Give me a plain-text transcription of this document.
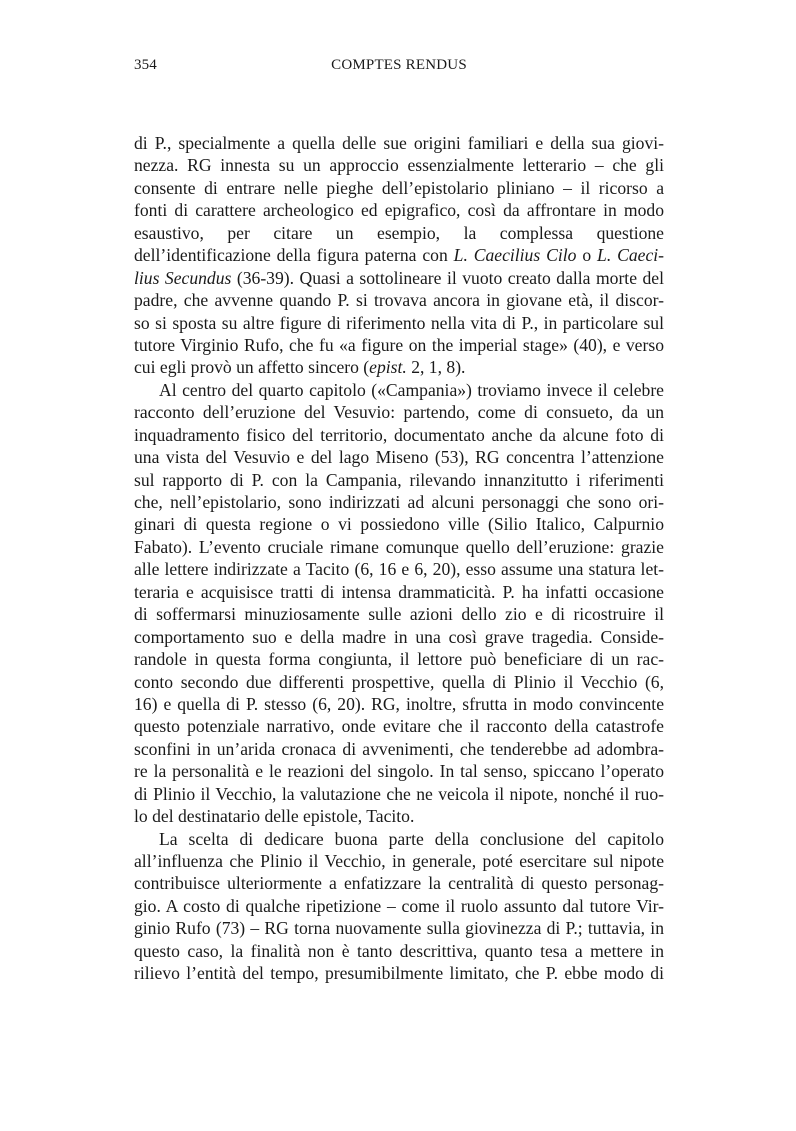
354	COMPTES RENDUS
di P., specialmente a quella delle sue origini familiari e della sua giovi-
nezza. RG innesta su un approccio essenzialmente letterario – che gli
consente di entrare nelle pieghe dell’epistolario pliniano – il ricorso a
fonti di carattere archeologico ed epigrafico, così da affrontare in modo
esaustivo, per citare un esempio, la complessa questione
dell’identificazione della figura paterna con L. Caecilius Cilo o L. Caeci-
lius Secundus (36-39). Quasi a sottolineare il vuoto creato dalla morte del
padre, che avvenne quando P. si trovava ancora in giovane età, il discor-
so si sposta su altre figure di riferimento nella vita di P., in particolare sul
tutore Virginio Rufo, che fu «a figure on the imperial stage» (40), e verso
cui egli provò un affetto sincero (epist. 2, 1, 8).
Al centro del quarto capitolo («Campania») troviamo invece il celebre
racconto dell’eruzione del Vesuvio: partendo, come di consueto, da un
inquadramento fisico del territorio, documentato anche da alcune foto di
una vista del Vesuvio e del lago Miseno (53), RG concentra l’attenzione
sul rapporto di P. con la Campania, rilevando innanzitutto i riferimenti
che, nell’epistolario, sono indirizzati ad alcuni personaggi che sono ori-
ginari di questa regione o vi possiedono ville (Silio Italico, Calpurnio
Fabato). L’evento cruciale rimane comunque quello dell’eruzione: grazie
alle lettere indirizzate a Tacito (6, 16 e 6, 20), esso assume una statura let-
teraria e acquisisce tratti di intensa drammaticità. P. ha infatti occasione
di soffermarsi minuziosamente sulle azioni dello zio e di ricostruire il
comportamento suo e della madre in una così grave tragedia. Conside-
randole in questa forma congiunta, il lettore può beneficiare di un rac-
conto secondo due differenti prospettive, quella di Plinio il Vecchio (6,
16) e quella di P. stesso (6, 20). RG, inoltre, sfrutta in modo convincente
questo potenziale narrativo, onde evitare che il racconto della catastrofe
sconfini in un’arida cronaca di avvenimenti, che tenderebbe ad adombra-
re la personalità e le reazioni del singolo. In tal senso, spiccano l’operato
di Plinio il Vecchio, la valutazione che ne veicola il nipote, nonché il ruo-
lo del destinatario delle epistole, Tacito.
La scelta di dedicare buona parte della conclusione del capitolo
all’influenza che Plinio il Vecchio, in generale, poté esercitare sul nipote
contribuisce ulteriormente a enfatizzare la centralità di questo personag-
gio. A costo di qualche ripetizione – come il ruolo assunto dal tutore Vir-
ginio Rufo (73) – RG torna nuovamente sulla giovinezza di P.; tuttavia, in
questo caso, la finalità non è tanto descrittiva, quanto tesa a mettere in
rilievo l’entità del tempo, presumibilmente limitato, che P. ebbe modo di
